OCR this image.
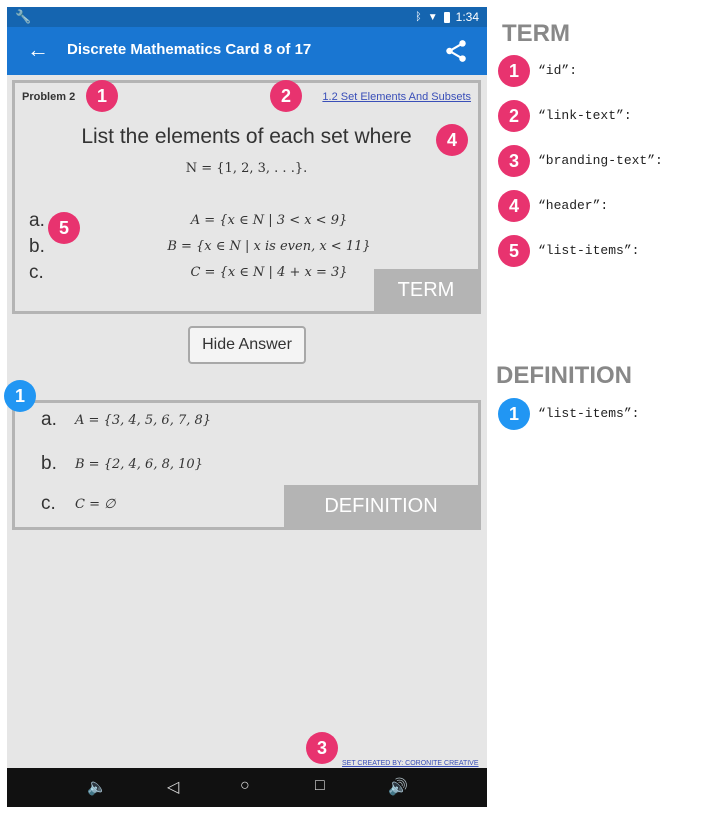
🔧	ᛒ ▼ 1:34
← Discrete Mathematics Card 8 of 17
Problem 2	1.2 Set Elements And Subsets
List the elements of each set where
N = {1, 2, 3, . . .}.
a.	A = {x ∈ N | 3 < x < 9}
b.	B = {x ∈ N | x is even, x < 11}
c.	C = {x ∈ N | 4 + x = 3}
TERM
Hide Answer
a. A = {3, 4, 5, 6, 7, 8}
b. B = {2, 4, 6, 8, 10}
c. C = ∅	DEFINITION
SET CREATED BY: CORONITE CREATIVE
🔈	◁	○	□	🔊
1	2
4
5
1
3
TERM
1	“id”:
2	“link-text”:
3	“branding-text”:
4	“header”:
5	“list-items”:
DEFINITION
1	“list-items”:
